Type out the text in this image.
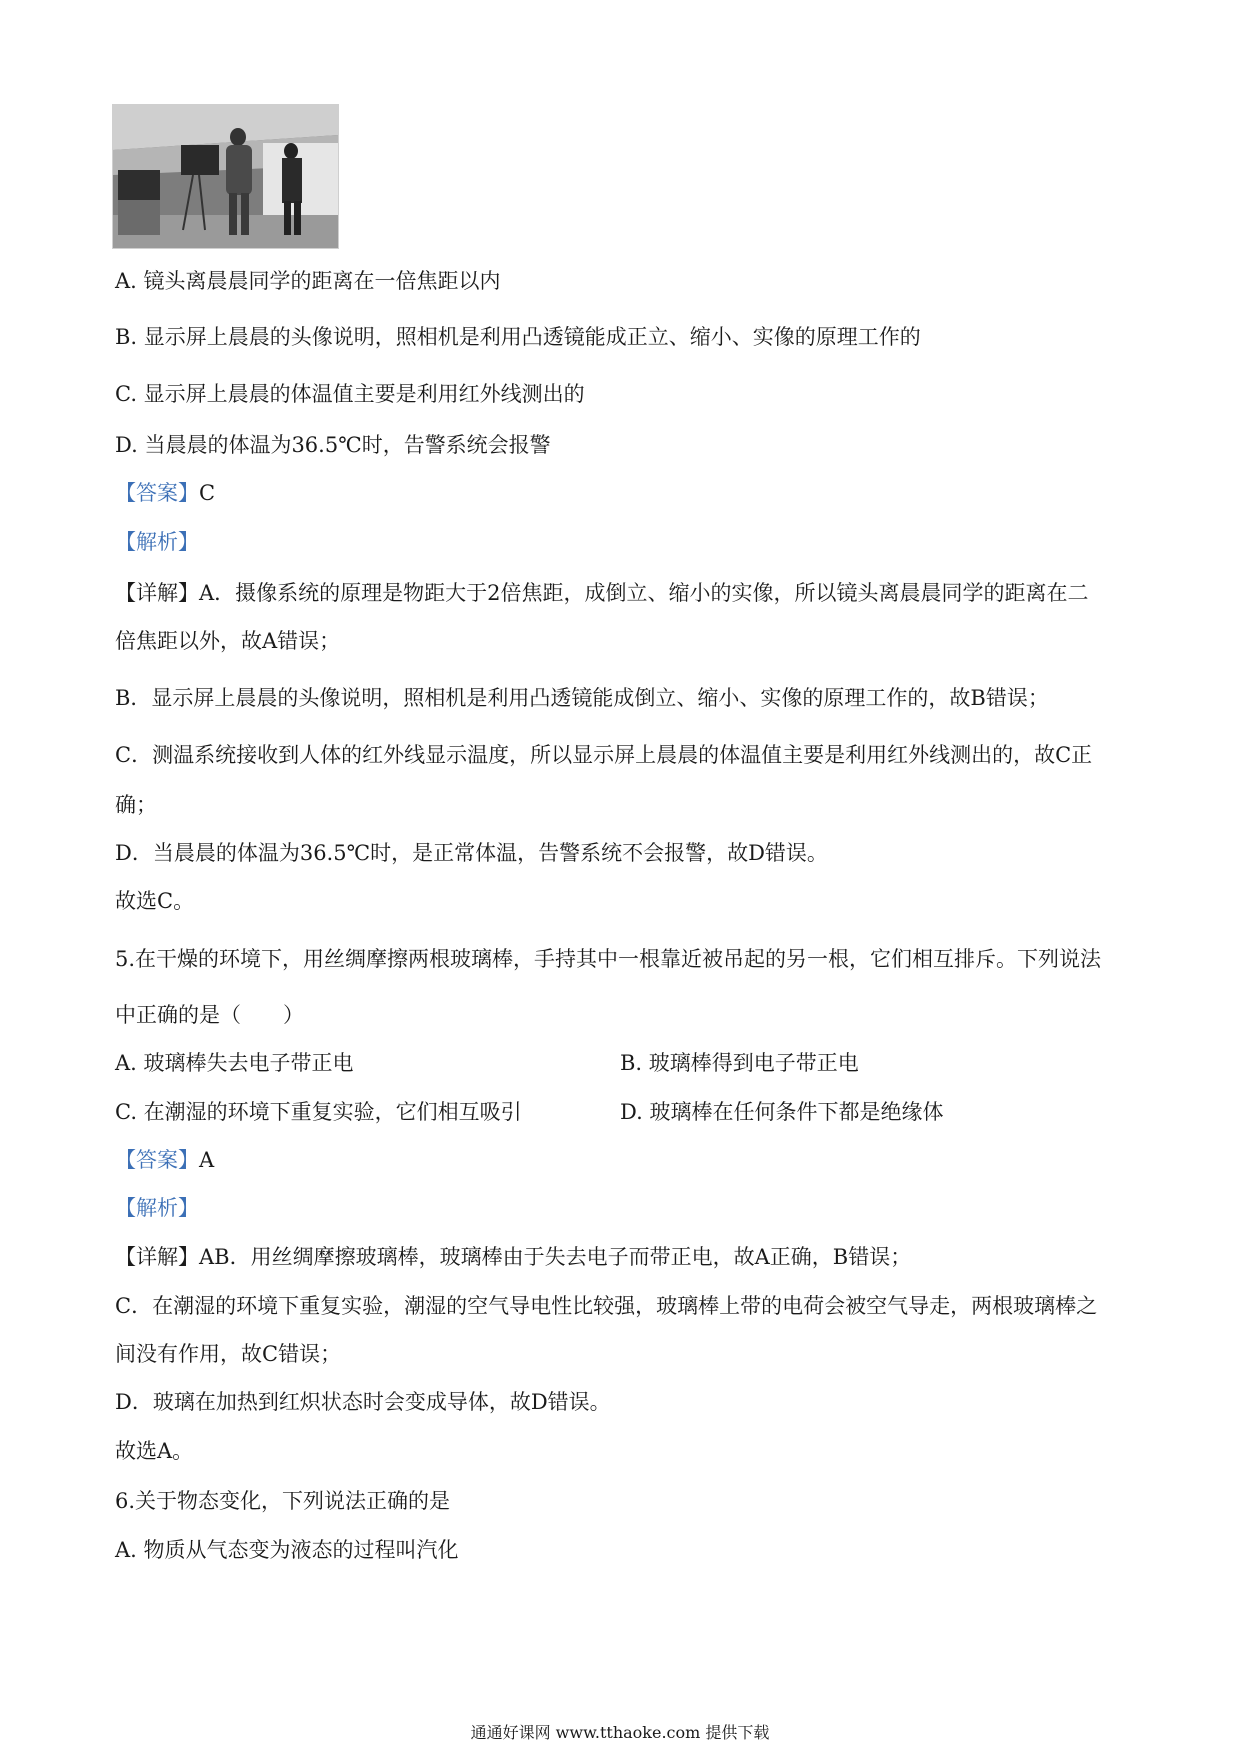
A. 镜头离晨晨同学的距离在一倍焦距以内
B. 显示屏上晨晨的头像说明，照相机是利用凸透镜能成正立、缩小、实像的原理工作的
C. 显示屏上晨晨的体温值主要是利用红外线测出的
D. 当晨晨的体温为36.5℃时，告警系统会报警
【答案】C
【解析】
【详解】A．摄像系统的原理是物距大于2倍焦距，成倒立、缩小的实像，所以镜头离晨晨同学的距离在二
倍焦距以外，故A错误；
B．显示屏上晨晨的头像说明，照相机是利用凸透镜能成倒立、缩小、实像的原理工作的，故B错误；
C．测温系统接收到人体的红外线显示温度，所以显示屏上晨晨的体温值主要是利用红外线测出的，故C正
确；
D．当晨晨的体温为36.5℃时，是正常体温，告警系统不会报警，故D错误。
故选C。
5.在干燥的环境下，用丝绸摩擦两根玻璃棒，手持其中一根靠近被吊起的另一根，它们相互排斥。下列说法
中正确的是（　　）
A. 玻璃棒失去电子带正电	B. 玻璃棒得到电子带正电
C. 在潮湿的环境下重复实验，它们相互吸引	D. 玻璃棒在任何条件下都是绝缘体
【答案】A
【解析】
【详解】AB．用丝绸摩擦玻璃棒，玻璃棒由于失去电子而带正电，故A正确，B错误；
C．在潮湿的环境下重复实验，潮湿的空气导电性比较强，玻璃棒上带的电荷会被空气导走，两根玻璃棒之
间没有作用，故C错误；
D．玻璃在加热到红炽状态时会变成导体，故D错误。
故选A。
6.关于物态变化，下列说法正确的是
A. 物质从气态变为液态的过程叫汽化
通通好课网 www.tthaoke.com 提供下载
